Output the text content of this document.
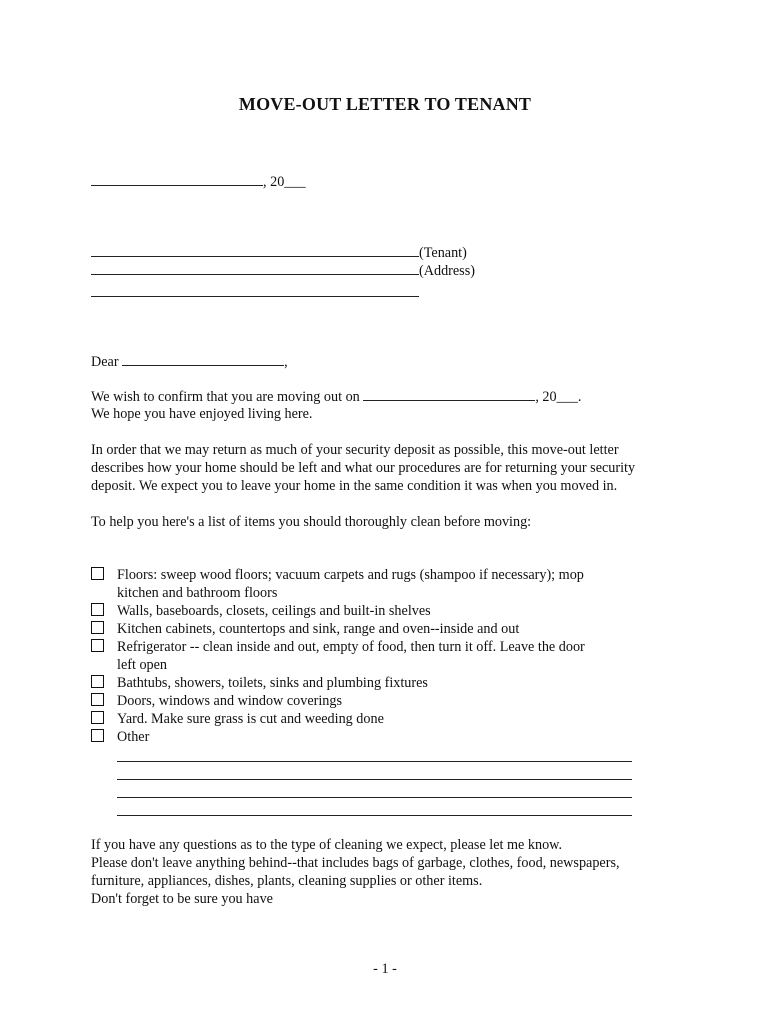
MOVE-OUT LETTER TO TENANT
, 20___
(Tenant)
(Address)
Dear	,
We wish to confirm that you are moving out on	, 20___.
We hope you have enjoyed living here.
In order that we may return as much of your security deposit as possible, this move-out letter
describes how your home should be left and what our procedures are for returning your security
deposit. We expect you to leave your home in the same condition it was when you moved in.
To help you here's a list of items you should thoroughly clean before moving:
Floors: sweep wood floors; vacuum carpets and rugs (shampoo if necessary); mop
kitchen and bathroom floors
Walls, baseboards, closets, ceilings and built-in shelves
Kitchen cabinets, countertops and sink, range and oven--inside and out
Refrigerator -- clean inside and out, empty of food, then turn it off. Leave the door
left open
Bathtubs, showers, toilets, sinks and plumbing fixtures
Doors, windows and window coverings
Yard. Make sure grass is cut and weeding done
Other
If you have any questions as to the type of cleaning we expect, please let me know.
Please don't leave anything behind--that includes bags of garbage, clothes, food, newspapers,
furniture, appliances, dishes, plants, cleaning supplies or other items.
Don't forget to be sure you have
- 1 -
